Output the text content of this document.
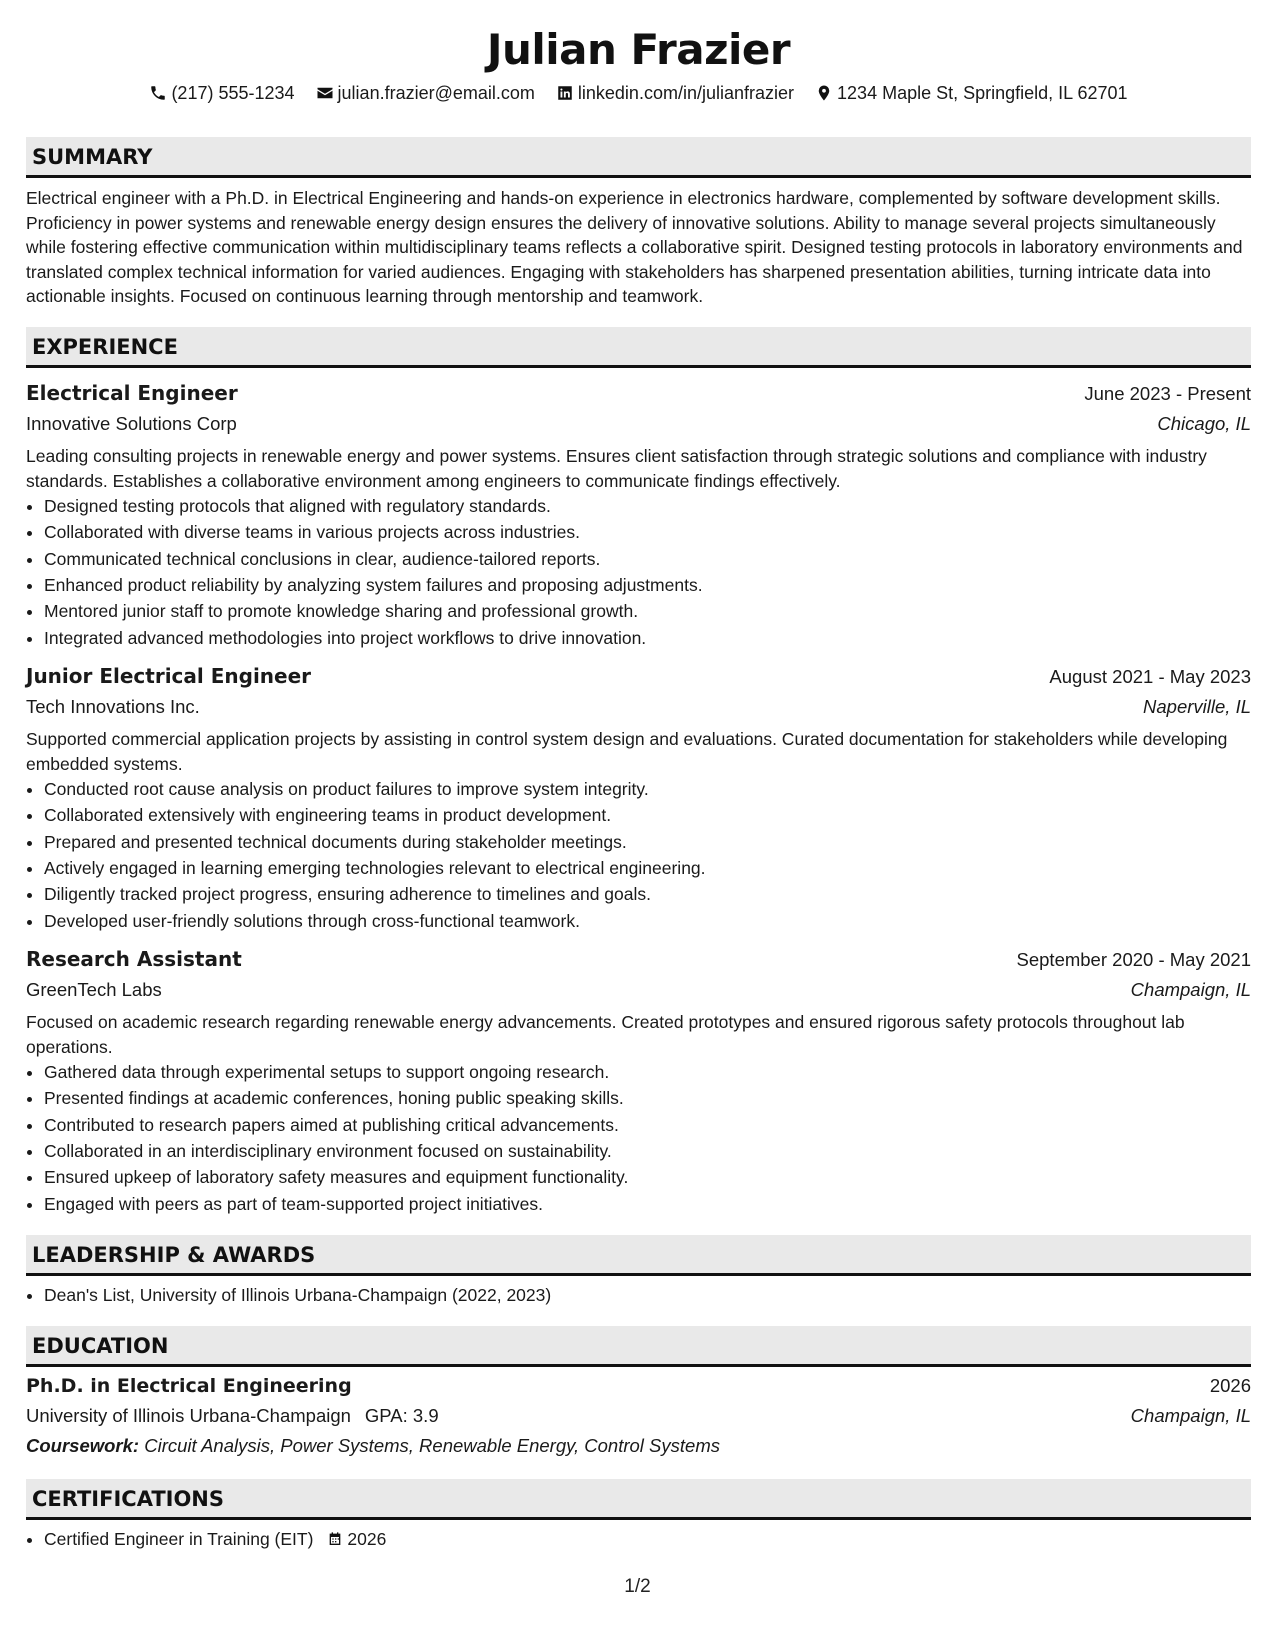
Julian Frazier
(217) 555-1234
julian.frazier@email.com
linkedin.com/in/julianfrazier
1234 Maple St, Springfield, IL 62701
SUMMARY
Electrical engineer with a Ph.D. in Electrical Engineering and hands-on experience in electronics hardware, complemented by software development skills. Proficiency in power systems and renewable energy design ensures the delivery of innovative solutions. Ability to manage several projects simultaneously while fostering effective communication within multidisciplinary teams reflects a collaborative spirit. Designed testing protocols in laboratory environments and translated complex technical information for varied audiences. Engaging with stakeholders has sharpened presentation abilities, turning intricate data into actionable insights. Focused on continuous learning through mentorship and teamwork.
EXPERIENCE
Electrical Engineer	June 2023 - Present
Innovative Solutions Corp	Chicago, IL
Leading consulting projects in renewable energy and power systems. Ensures client satisfaction through strategic solutions and compliance with industry standards. Establishes a collaborative environment among engineers to communicate findings effectively.
• Designed testing protocols that aligned with regulatory standards.
• Collaborated with diverse teams in various projects across industries.
• Communicated technical conclusions in clear, audience-tailored reports.
• Enhanced product reliability by analyzing system failures and proposing adjustments.
• Mentored junior staff to promote knowledge sharing and professional growth.
• Integrated advanced methodologies into project workflows to drive innovation.
Junior Electrical Engineer	August 2021 - May 2023
Tech Innovations Inc.	Naperville, IL
Supported commercial application projects by assisting in control system design and evaluations. Curated documentation for stakeholders while developing embedded systems.
• Conducted root cause analysis on product failures to improve system integrity.
• Collaborated extensively with engineering teams in product development.
• Prepared and presented technical documents during stakeholder meetings.
• Actively engaged in learning emerging technologies relevant to electrical engineering.
• Diligently tracked project progress, ensuring adherence to timelines and goals.
• Developed user-friendly solutions through cross-functional teamwork.
Research Assistant	September 2020 - May 2021
GreenTech Labs	Champaign, IL
Focused on academic research regarding renewable energy advancements. Created prototypes and ensured rigorous safety protocols throughout lab operations.
• Gathered data through experimental setups to support ongoing research.
• Presented findings at academic conferences, honing public speaking skills.
• Contributed to research papers aimed at publishing critical advancements.
• Collaborated in an interdisciplinary environment focused on sustainability.
• Ensured upkeep of laboratory safety measures and equipment functionality.
• Engaged with peers as part of team-supported project initiatives.
LEADERSHIP & AWARDS
• Dean's List, University of Illinois Urbana-Champaign (2022, 2023)
EDUCATION
Ph.D. in Electrical Engineering	2026
University of Illinois Urbana-Champaign GPA: 3.9	Champaign, IL
Coursework: Circuit Analysis, Power Systems, Renewable Energy, Control Systems
CERTIFICATIONS
• Certified Engineer in Training (EIT) 2026
1/2
